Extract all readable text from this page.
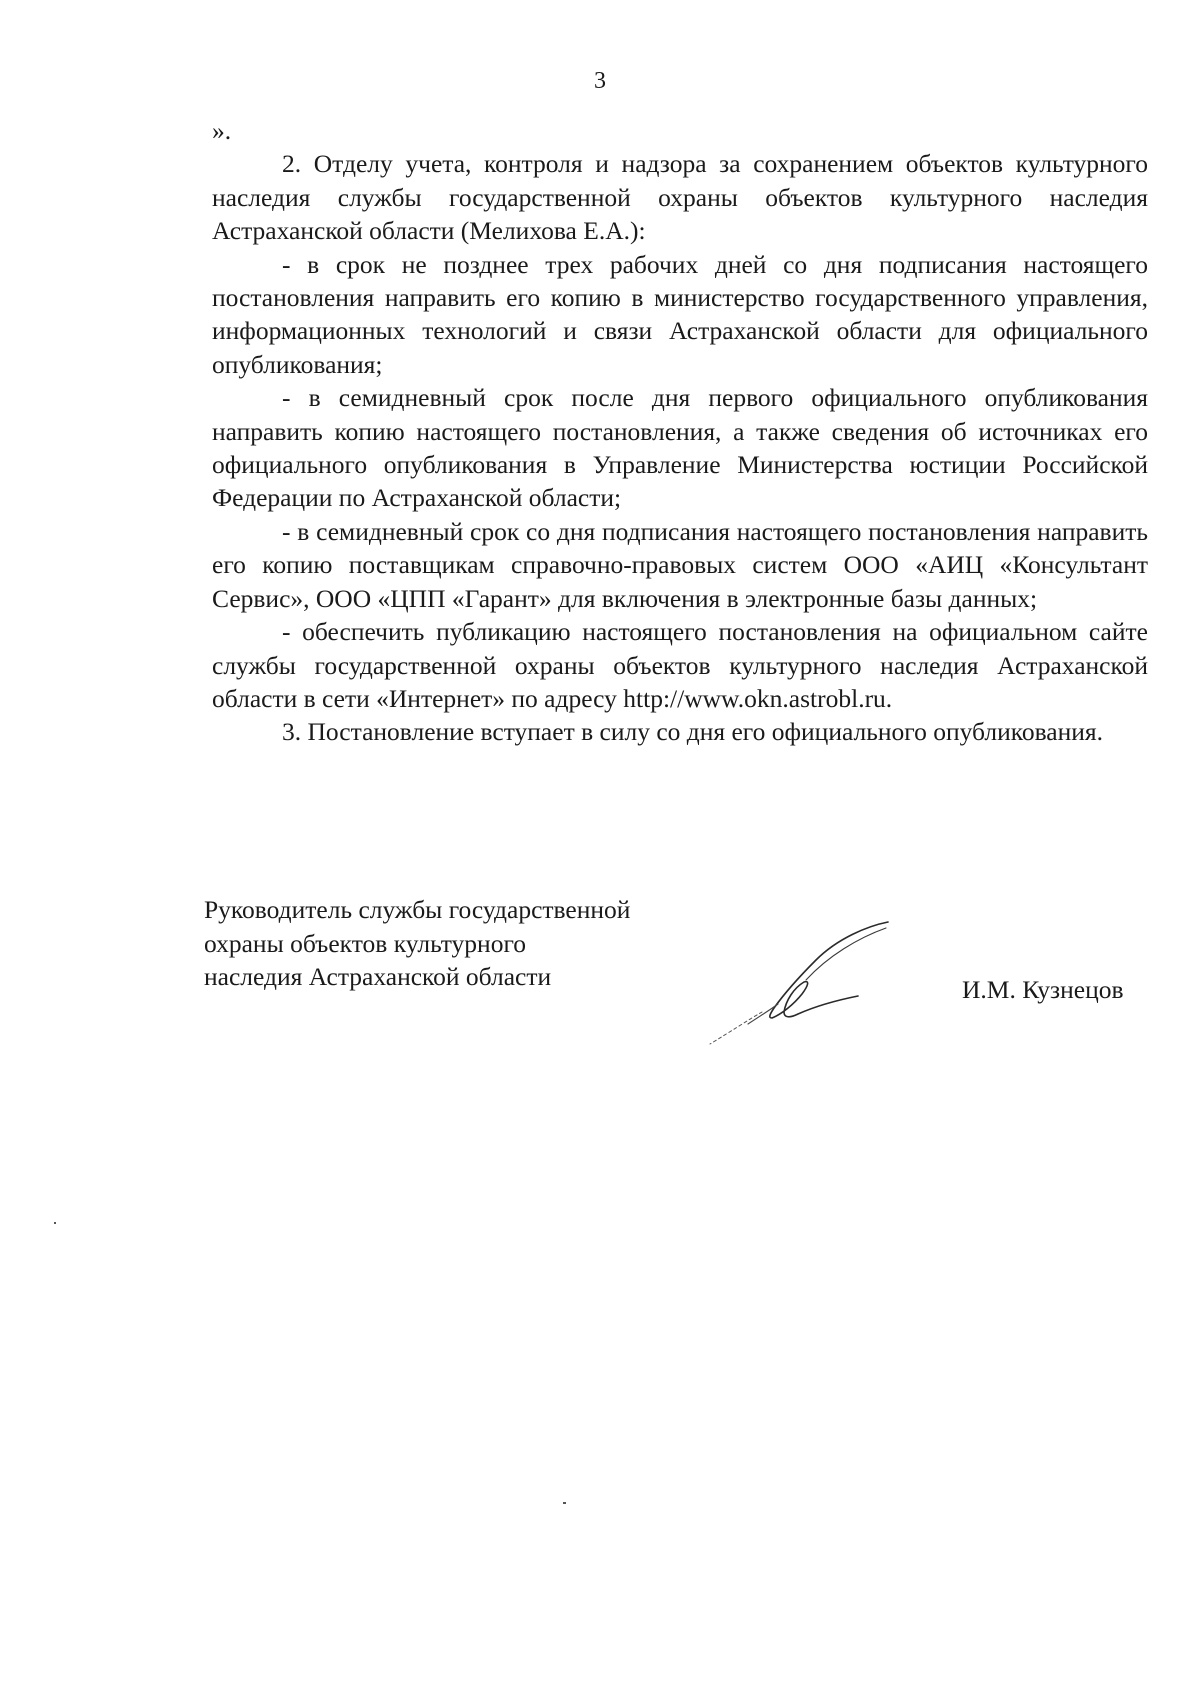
3

».

2. Отделу учета, контроля и надзора за сохранением объектов культурного наследия службы государственной охраны объектов культурного наследия Астраханской области (Мелихова Е.А.):

- в срок не позднее трех рабочих дней со дня подписания настоящего постановления направить его копию в министерство государственного управления, информационных технологий и связи Астраханской области для официального опубликования;

- в семидневный срок после дня первого официального опубликования направить копию настоящего постановления, а также сведения об источниках его официального опубликования в Управление Министерства юстиции Российской Федерации по Астраханской области;

- в семидневный срок со дня подписания настоящего постановления направить его копию поставщикам справочно-правовых систем ООО «АИЦ «Консультант Сервис», ООО «ЦПП «Гарант» для включения в электронные базы данных;

- обеспечить публикацию настоящего постановления на официальном сайте службы государственной охраны объектов культурного наследия Астраханской области в сети «Интернет» по адресу http://www.okn.astrobl.ru.

3. Постановление вступает в силу со дня его официального опубликования.

Руководитель службы государственной
охраны объектов культурного
наследия Астраханской области	И.М. Кузнецов
